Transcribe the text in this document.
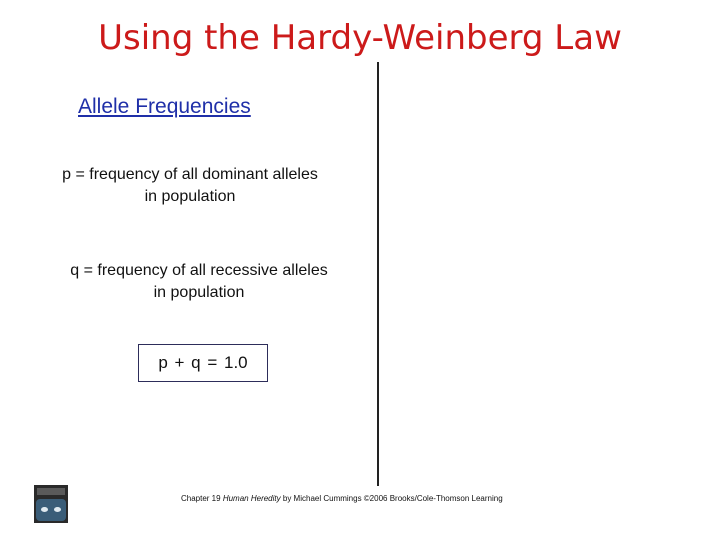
Using the Hardy-Weinberg Law
Allele Frequencies
p = frequency of all dominant alleles
in population
q = frequency of all recessive alleles
in population
p + q = 1.0
Chapter 19 Human Heredity by Michael Cummings ©2006 Brooks/Cole-Thomson Learning
